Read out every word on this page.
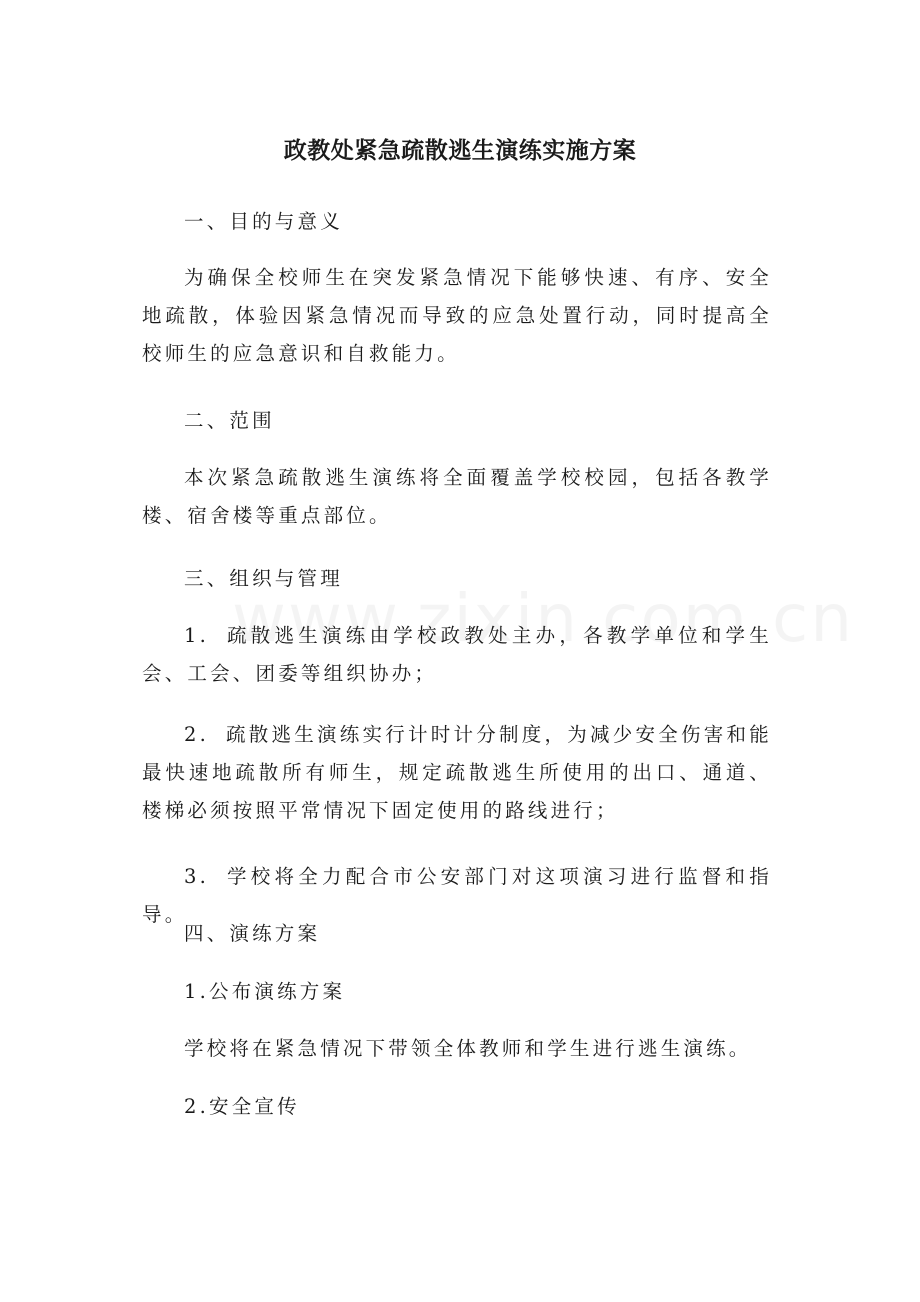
政教处紧急疏散逃生演练实施方案

一、目的与意义

为确保全校师生在突发紧急情况下能够快速、有序、安全地疏散，体验因紧急情况而导致的应急处置行动，同时提高全校师生的应急意识和自救能力。

二、范围

本次紧急疏散逃生演练将全面覆盖学校校园，包括各教学楼、宿舍楼等重点部位。

三、组织与管理

1. 疏散逃生演练由学校政教处主办，各教学单位和学生会、工会、团委等组织协办；

2. 疏散逃生演练实行计时计分制度，为减少安全伤害和能最快速地疏散所有师生，规定疏散逃生所使用的出口、通道、楼梯必须按照平常情况下固定使用的路线进行；

3. 学校将全力配合市公安部门对这项演习进行监督和指导。

四、演练方案

1.公布演练方案

学校将在紧急情况下带领全体教师和学生进行逃生演练。

2.安全宣传
